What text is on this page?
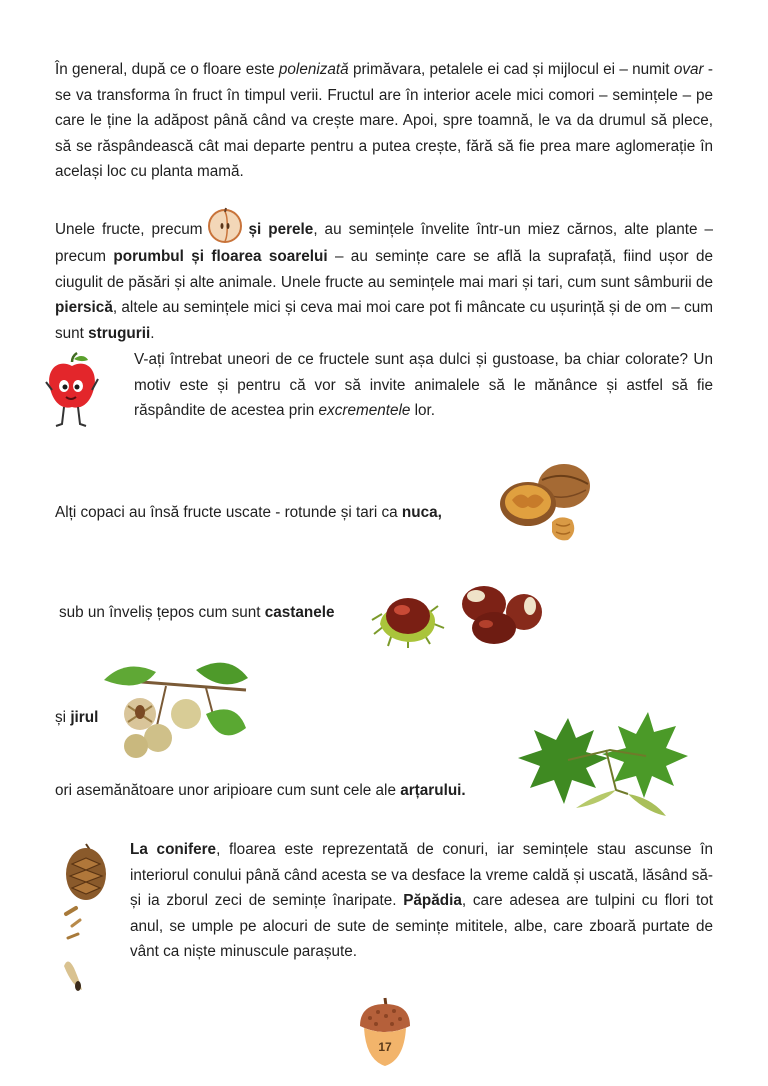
În general, după ce o floare este polenizată primăvara, petalele ei cad și mijlocul ei – numit ovar - se va transforma în fruct în timpul verii. Fructul are în interior acele mici comori – semințele – pe care le ține la adăpost până când va crește mare. Apoi, spre toamnă, le va da drumul să plece, să se răspândească cât mai departe pentru a putea crește, fără să fie prea mare aglomerație în același loc cu planta mamă.
Unele fructe, precum	și perele, au semințele învelite într-un miez cărnos, alte plante – precum porumbul și floarea soarelui – au semințe care se află la suprafață, fiind ușor de ciugulit de păsări și alte animale. Unele fructe au semințele mai mari și tari, cum sunt sâmburii de piersică, altele au semințele mici și ceva mai moi care pot fi mâncate cu ușurință și de om – cum sunt strugurii.
V-ați întrebat uneori de ce fructele sunt așa dulci și gustoase, ba chiar colorate? Un motiv este și pentru că vor să invite animalele să le mănânce și astfel să fie răspândite de acestea prin excrementele lor.
Alți copaci au însă fructe uscate - rotunde și tari ca nuca,
sub un înveliș țepos cum sunt castanele
și jirul
ori asemănătoare unor aripioare cum sunt cele ale arțarului.
La conifere, floarea este reprezentată de conuri, iar semințele stau ascunse în interiorul conului până când acesta se va desface la vreme caldă și uscată, lăsând să-și ia zborul zeci de semințe înaripate. Păpădia, care adesea are tulpini cu flori tot anul, se umple pe alocuri de sute de semințe mititele, albe, care zboară purtate de vânt ca niște minuscule parașute.
17
